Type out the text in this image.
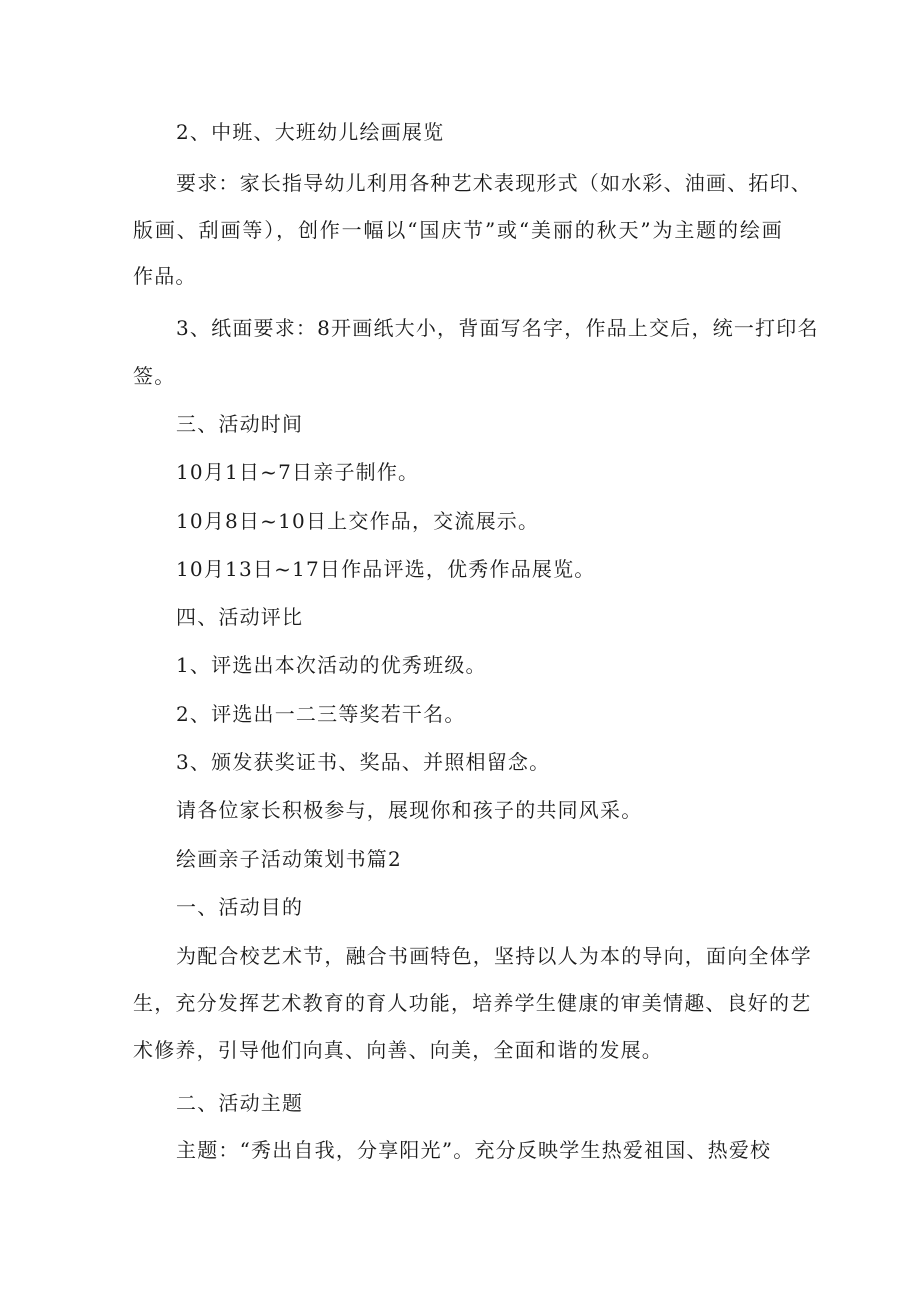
2、中班、大班幼儿绘画展览
要求：家长指导幼儿利用各种艺术表现形式（如水彩、油画、拓印、
版画、刮画等），创作一幅以“国庆节”或“美丽的秋天”为主题的绘画
作品。
3、纸面要求：8开画纸大小，背面写名字，作品上交后，统一打印名
签。
三、活动时间
10月1日~7日亲子制作。
10月8日~10日上交作品，交流展示。
10月13日~17日作品评选，优秀作品展览。
四、活动评比
1、评选出本次活动的优秀班级。
2、评选出一二三等奖若干名。
3、颁发获奖证书、奖品、并照相留念。
请各位家长积极参与，展现你和孩子的共同风采。
绘画亲子活动策划书篇2
一、活动目的
为配合校艺术节，融合书画特色，坚持以人为本的导向，面向全体学
生，充分发挥艺术教育的育人功能，培养学生健康的审美情趣、良好的艺
术修养，引导他们向真、向善、向美，全面和谐的发展。
二、活动主题
主题：“秀出自我，分享阳光”。充分反映学生热爱祖国、热爱校
